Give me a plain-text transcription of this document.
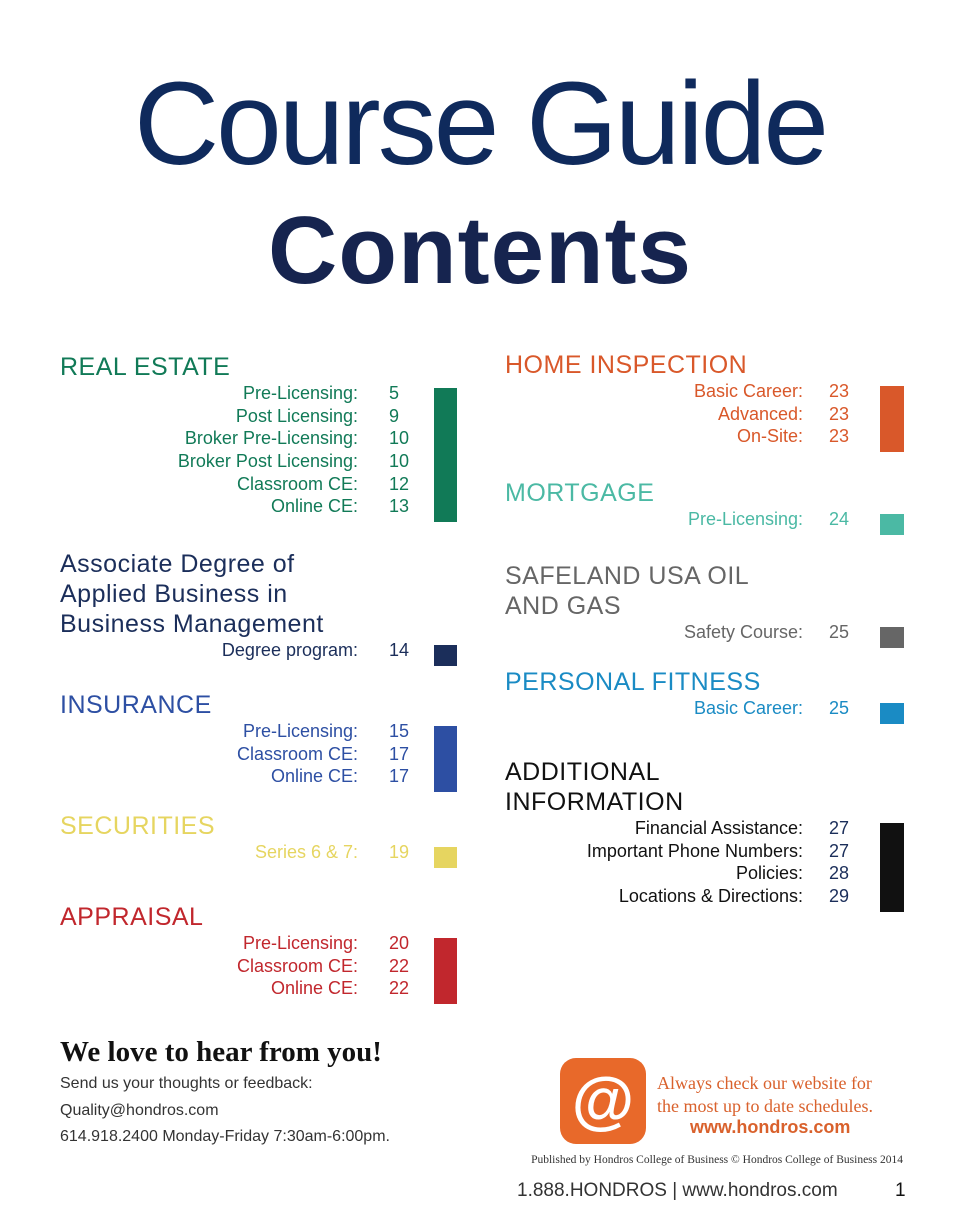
Course Guide
Contents
REAL ESTATE
Pre-Licensing: 5
Post Licensing: 9
Broker Pre-Licensing: 10
Broker Post Licensing: 10
Classroom CE: 12
Online CE: 13
Associate Degree of
Applied Business in
Business Management
Degree program: 14
INSURANCE
Pre-Licensing: 15
Classroom CE: 17
Online CE: 17
SECURITIES
Series 6 & 7: 19
APPRAISAL
Pre-Licensing: 20
Classroom CE: 22
Online CE: 22
HOME INSPECTION
Basic Career: 23
Advanced: 23
On-Site: 23
MORTGAGE
Pre-Licensing: 24
SAFELAND USA OIL
AND GAS
Safety Course: 25
PERSONAL FITNESS
Basic Career: 25
ADDITIONAL
INFORMATION
Financial Assistance: 27
Important Phone Numbers: 27
Policies: 28
Locations & Directions: 29
We love to hear from you!
Send us your thoughts or feedback:
Quality@hondros.com
614.918.2400 Monday-Friday 7:30am-6:00pm.
@	Always check our website for
the most up to date schedules.
www.hondros.com
Published by Hondros College of Business © Hondros College of Business 2014
1.888.HONDROS | www.hondros.com	1
